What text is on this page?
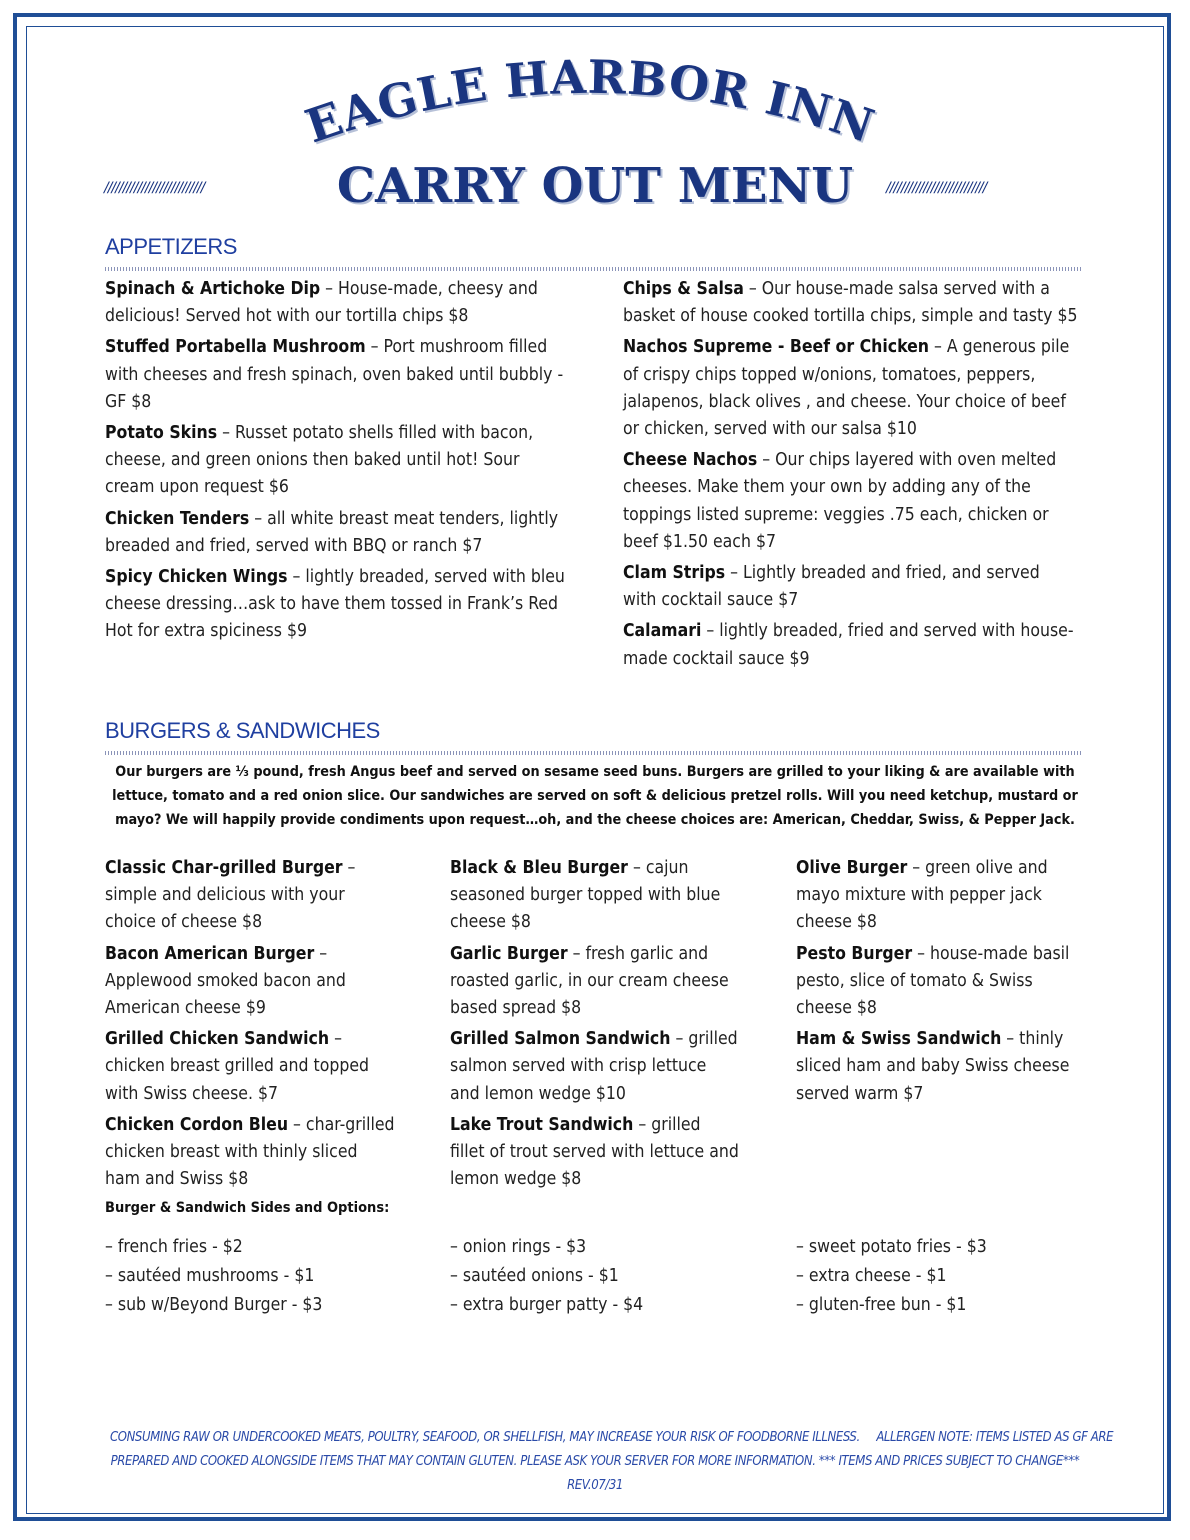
EAGLE HARBOR INN
///////////////////////////	///////////////////////////
CARRY OUT MENU
APPETIZERS
Spinach & Artichoke Dip – House-made, cheesy and delicious! Served hot with our tortilla chips $8
Stuffed Portabella Mushroom – Port mushroom filled with cheeses and fresh spinach, oven baked until bubbly - GF $8
Potato Skins – Russet potato shells filled with bacon, cheese, and green onions then baked until hot! Sour cream upon request $6
Chicken Tenders – all white breast meat tenders, lightly breaded and fried, served with BBQ or ranch $7
Spicy Chicken Wings – lightly breaded, served with bleu cheese dressing…ask to have them tossed in Frank’s Red Hot for extra spiciness $9
Chips & Salsa – Our house-made salsa served with a basket of house cooked tortilla chips, simple and tasty $5
Nachos Supreme - Beef or Chicken – A generous pile of crispy chips topped w/onions, tomatoes, peppers, jalapenos, black olives , and cheese. Your choice of beef or chicken, served with our salsa $10
Cheese Nachos – Our chips layered with oven melted cheeses. Make them your own by adding any of the toppings listed supreme: veggies .75 each, chicken or beef $1.50 each $7
Clam Strips – Lightly breaded and fried, and served with cocktail sauce $7
Calamari – lightly breaded, fried and served with house-made cocktail sauce $9
BURGERS & SANDWICHES
Our burgers are ⅓ pound, fresh Angus beef and served on sesame seed buns. Burgers are grilled to your liking & are available with lettuce, tomato and a red onion slice. Our sandwiches are served on soft & delicious pretzel rolls. Will you need ketchup, mustard or mayo? We will happily provide condiments upon request…oh, and the cheese choices are: American, Cheddar, Swiss, & Pepper Jack.
Classic Char-grilled Burger – simple and delicious with your choice of cheese $8
Bacon American Burger – Applewood smoked bacon and American cheese $9
Grilled Chicken Sandwich – chicken breast grilled and topped with Swiss cheese. $7
Chicken Cordon Bleu – char-grilled chicken breast with thinly sliced ham and Swiss $8
Black & Bleu Burger – cajun seasoned burger topped with blue cheese $8
Garlic Burger – fresh garlic and roasted garlic, in our cream cheese based spread $8
Grilled Salmon Sandwich – grilled salmon served with crisp lettuce and lemon wedge $10
Lake Trout Sandwich – grilled fillet of trout served with lettuce and lemon wedge $8
Olive Burger – green olive and mayo mixture with pepper jack cheese $8
Pesto Burger – house-made basil pesto, slice of tomato & Swiss cheese $8
Ham & Swiss Sandwich – thinly sliced ham and baby Swiss cheese served warm $7
Burger & Sandwich Sides and Options:
– french fries - $2
– sautéed mushrooms - $1
– sub w/Beyond Burger - $3
– onion rings - $3
– sautéed onions - $1
– extra burger patty - $4
– sweet potato fries - $3
– extra cheese - $1
– gluten-free bun - $1
CONSUMING RAW OR UNDERCOOKED MEATS, POULTRY, SEAFOOD, OR SHELLFISH, MAY INCREASE YOUR RISK OF FOODBORNE ILLNESS.     ALLERGEN NOTE: ITEMS LISTED AS GF ARE
PREPARED AND COOKED ALONGSIDE ITEMS THAT MAY CONTAIN GLUTEN. PLEASE ASK YOUR SERVER FOR MORE INFORMATION. *** ITEMS AND PRICES SUBJECT TO CHANGE*** REV.07/31
